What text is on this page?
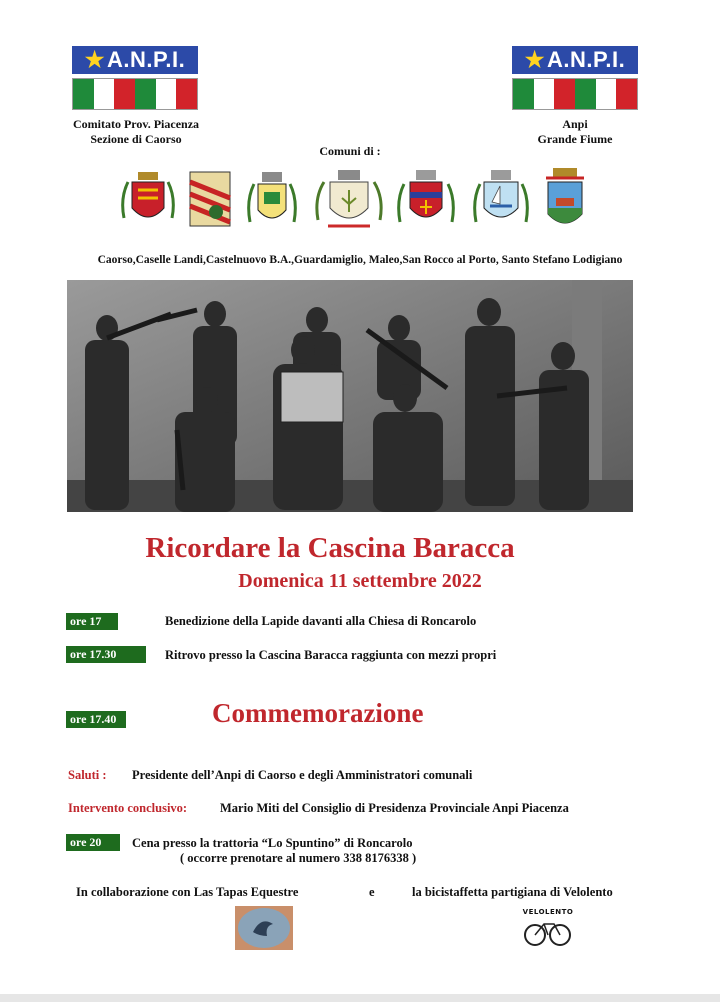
★A.N.P.I.	★A.N.P.I.
Comitato Prov. Piacenza
Sezione di Caorso
Anpi
Grande Fiume
Comuni di :
Caorso,Caselle Landi,Castelnuovo B.A.,Guardamiglio, Maleo,San Rocco al Porto, Santo Stefano Lodigiano
Ricordare la Cascina Baracca
Domenica 11 settembre 2022
ore 17	Benedizione della Lapide davanti alla Chiesa di Roncarolo
ore 17.30	Ritrovo presso la Cascina Baracca raggiunta con mezzi propri
ore 17.40	Commemorazione
Saluti : Presidente dell’Anpi di Caorso e degli Amministratori comunali
Intervento conclusivo:	Mario Miti del Consiglio di Presidenza Provinciale Anpi Piacenza
ore 20	Cena presso la trattoria “Lo Spuntino” di Roncarolo
( occorre prenotare al numero 338 8176338 )
In collaborazione con Las Tapas Equestre	e	la bicistaffetta partigiana di Velolento
VELOLENTO
